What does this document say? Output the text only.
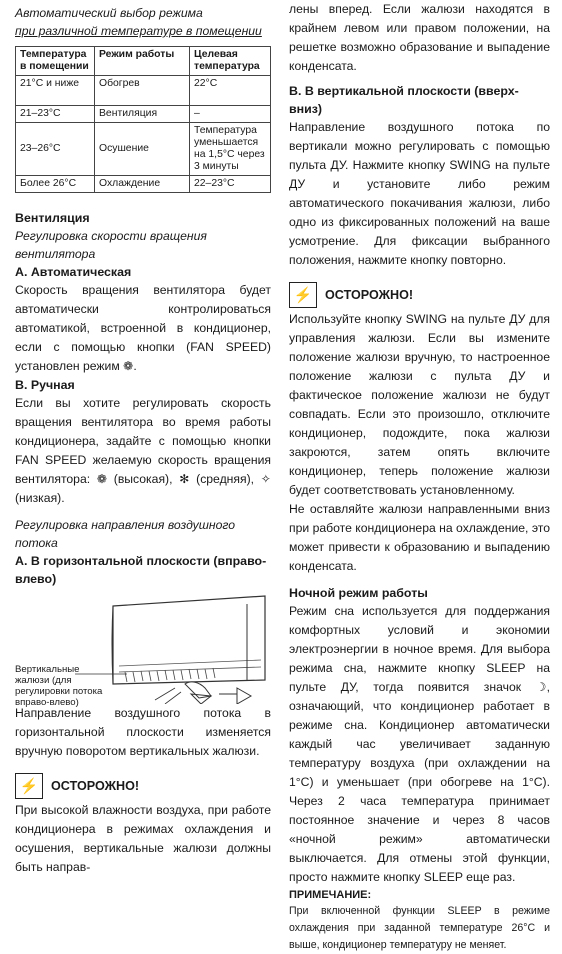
Автоматический выбор режима

при различной температуре в помещении

Температура в помещении	Режим работы	Целевая температура
21°С и ниже	Обогрев	22°С
21–23°С	Вентиляция	–
23–26°С	Осушение	Температура уменьшается на 1,5°С через 3 минуты
Более 26°С	Охлаждение	22–23°С

Вентиляция

Регулировка скорости вращения вентилятора

А. Автоматическая

Скорость вращения вентилятора будет автоматически контролироваться автоматикой, встроенной в кондиционер, если с помощью кнопки (FAN SPEED) установлен режим ❁.

В. Ручная

Если вы хотите регулировать скорость вращения вентилятора во время работы кондиционера, задайте с помощью кнопки FAN SPEED желаемую скорость вращения вентилятора: ❁ (высокая), ✻ (средняя), ✧ (низкая).

Регулировка направления воздушного потока

А. В горизонтальной плоскости (вправо-влево)

Вертикальные жалюзи (для регулировки потока вправо-влево)

Направление воздушного потока в горизонтальной плоскости изменяется вручную поворотом вертикальных жалюзи.

⚡	ОСТОРОЖНО!

При высокой влажности воздуха, при работе кондиционера в режимах охлаждения и осушения, вертикальные жалюзи должны быть направ-

лены вперед. Если жалюзи находятся в крайнем левом или правом положении, на решетке возможно образование и выпадение конденсата.

В. В вертикальной плоскости (вверх-вниз)

Направление воздушного потока по вертикали можно регулировать с помощью пульта ДУ. Нажмите кнопку SWING на пульте ДУ и установите либо режим автоматического покачивания жалюзи, либо одно из фиксированных положений на ваше усмотрение. Для фиксации выбранного положения, нажмите кнопку повторно.

⚡	ОСТОРОЖНО!

Используйте кнопку SWING на пульте ДУ для управления жалюзи. Если вы измените положение жалюзи вручную, то настроенное положение жалюзи с пульта ДУ и фактическое положение жалюзи не будут совпадать. Если это произошло, отключите кондиционер, подождите, пока жалюзи закроются, затем опять включите кондиционер, теперь положение жалюзи будет соответствовать установленному.

Не оставляйте жалюзи направленными вниз при работе кондиционера на охлаждение, это может привести к образованию и выпадению конденсата.

Ночной режим работы

Режим сна используется для поддержания комфортных условий и экономии электроэнергии в ночное время. Для выбора режима сна, нажмите кнопку SLEEP на пульте ДУ, тогда появится значок ☽, означающий, что кондиционер работает в режиме сна. Кондиционер автоматически каждый час увеличивает заданную температуру воздуха (при охлаждении на 1°С) и уменьшает (при обогреве на 1°С). Через 2 часа температура принимает постоянное значение и через 8 часов «ночной режим» автоматически выключается. Для отмены этой функции, просто нажмите кнопку SLEEP еще раз.

ПРИМЕЧАНИЕ:

При включенной функции SLEEP в режиме охлаждения при заданной температуре 26°С и выше, кондиционер температуру не меняет.
